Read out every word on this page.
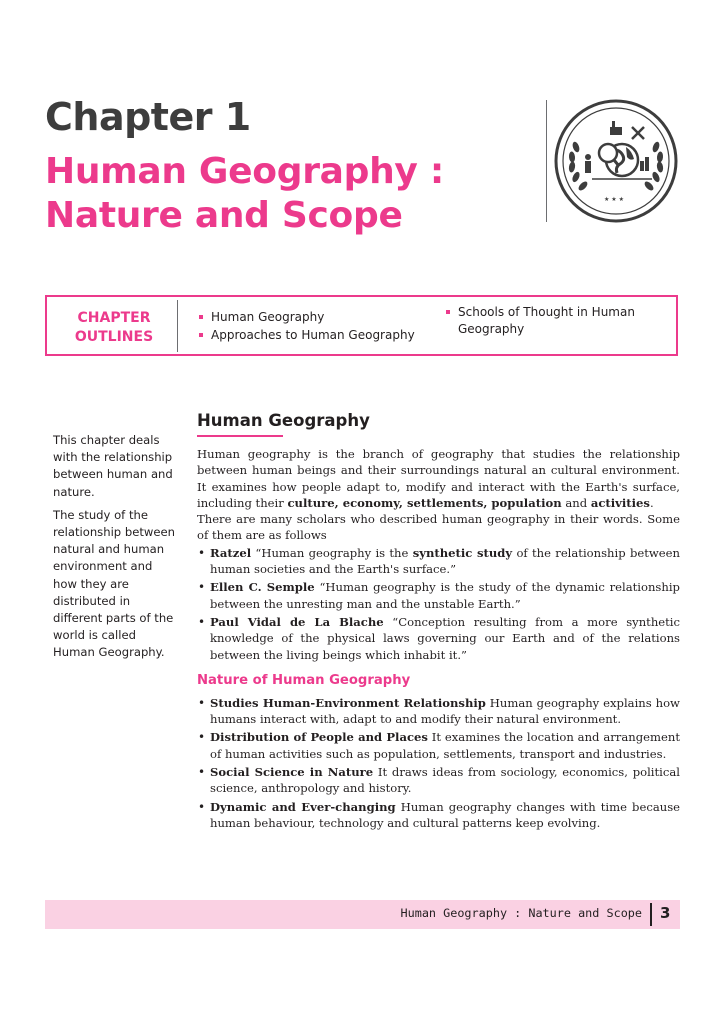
Chapter 1
Human Geography : Nature and Scope	★ ★ ★
CHAPTER
OUTLINES
Human Geography
Approaches to Human Geography
Schools of Thought in Human Geography

This chapter deals with the relationship between human and nature.

The study of the relationship between natural and human environment and how they are distributed in different parts of the world is called Human Geography.

Human Geography

Human geography is the branch of geography that studies the relationship between human beings and their surroundings natural an cultural environment. It examines how people adapt to, modify and interact with the Earth's surface, including their culture, economy, settlements, population and activities.

There are many scholars who described human geography in their words. Some of them are as follows

• Ratzel “Human geography is the synthetic study of the relationship between human societies and the Earth's surface.”
• Ellen C. Semple “Human geography is the study of the dynamic relationship between the unresting man and the unstable Earth.”
• Paul Vidal de La Blache “Conception resulting from a more synthetic knowledge of the physical laws governing our Earth and of the relations between the living beings which inhabit it.”
Nature of Human Geography
• Studies Human-Environment Relationship Human geography explains how humans interact with, adapt to and modify their natural environment.
• Distribution of People and Places It examines the location and arrangement of human activities such as population, settlements, transport and industries.
• Social Science in Nature It draws ideas from sociology, economics, political science, anthropology and history.
• Dynamic and Ever-changing Human geography changes with time because human behaviour, technology and cultural patterns keep evolving.
Human Geography : Nature and Scope 3
